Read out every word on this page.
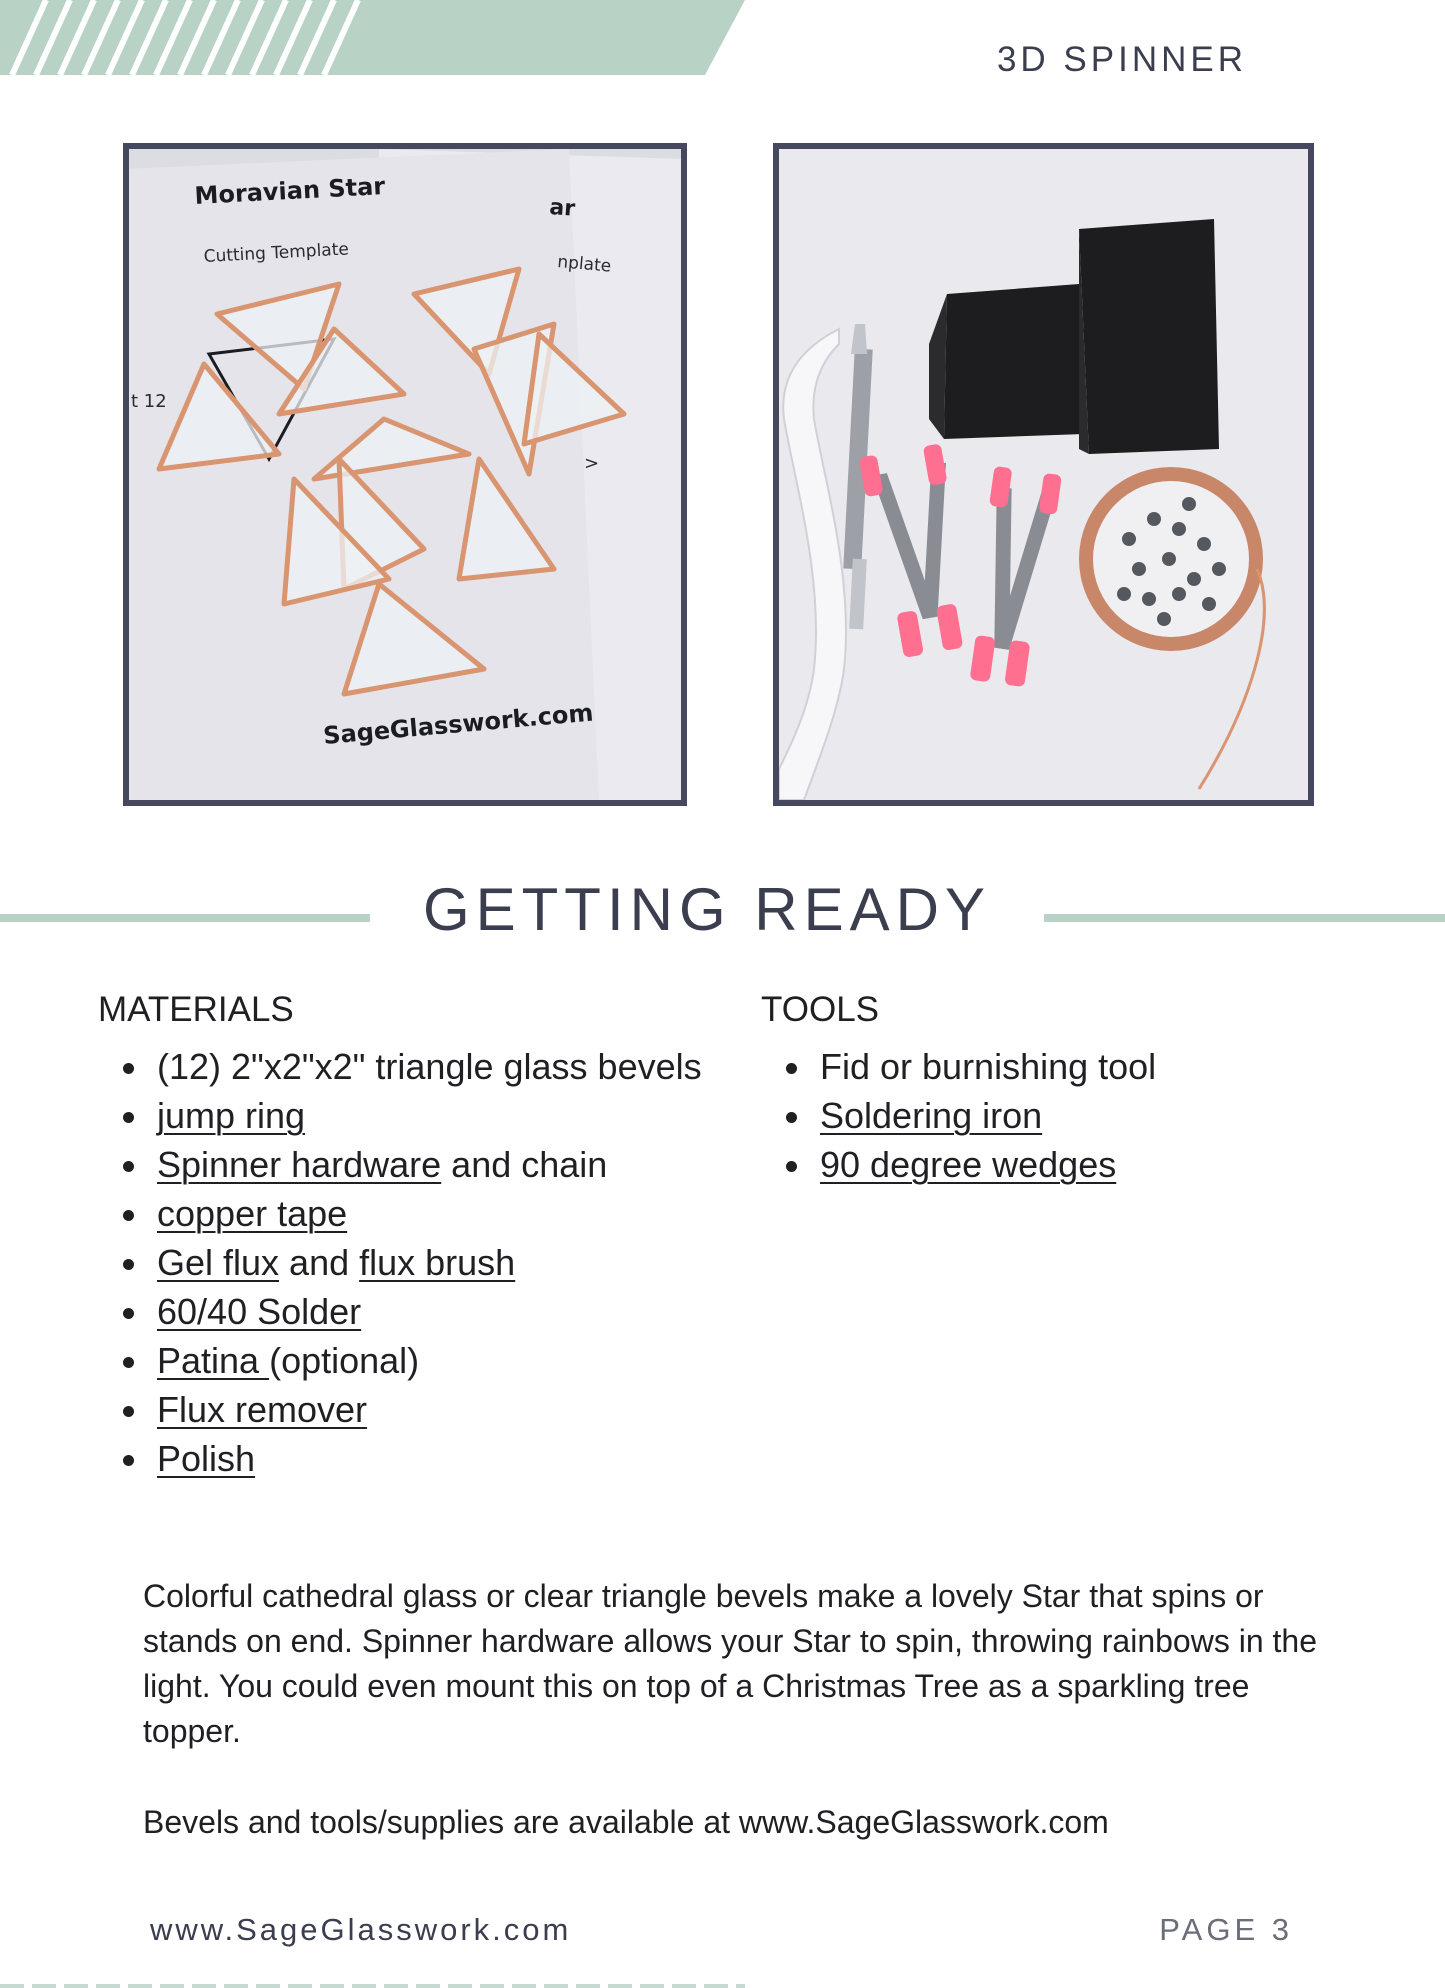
3D SPINNER
Moravian Star	ar
Cutting Template	nplate
t 12
>
SageGlasswork.com
GETTING READY
MATERIALS
(12) 2"x2"x2" triangle glass bevels
jump ring
Spinner hardware and chain
copper tape
Gel flux and flux brush
60/40 Solder
Patina (optional)
Flux remover
Polish
TOOLS
Fid or burnishing tool
Soldering iron
90 degree wedges

Colorful cathedral glass or clear triangle bevels make a lovely Star that spins or stands on end. Spinner hardware allows your Star to spin, throwing rainbows in the light. You could even mount this on top of a Christmas Tree as a sparkling tree topper.

Bevels and tools/supplies are available at www.SageGlasswork.com

www.SageGlasswork.com	PAGE 3
